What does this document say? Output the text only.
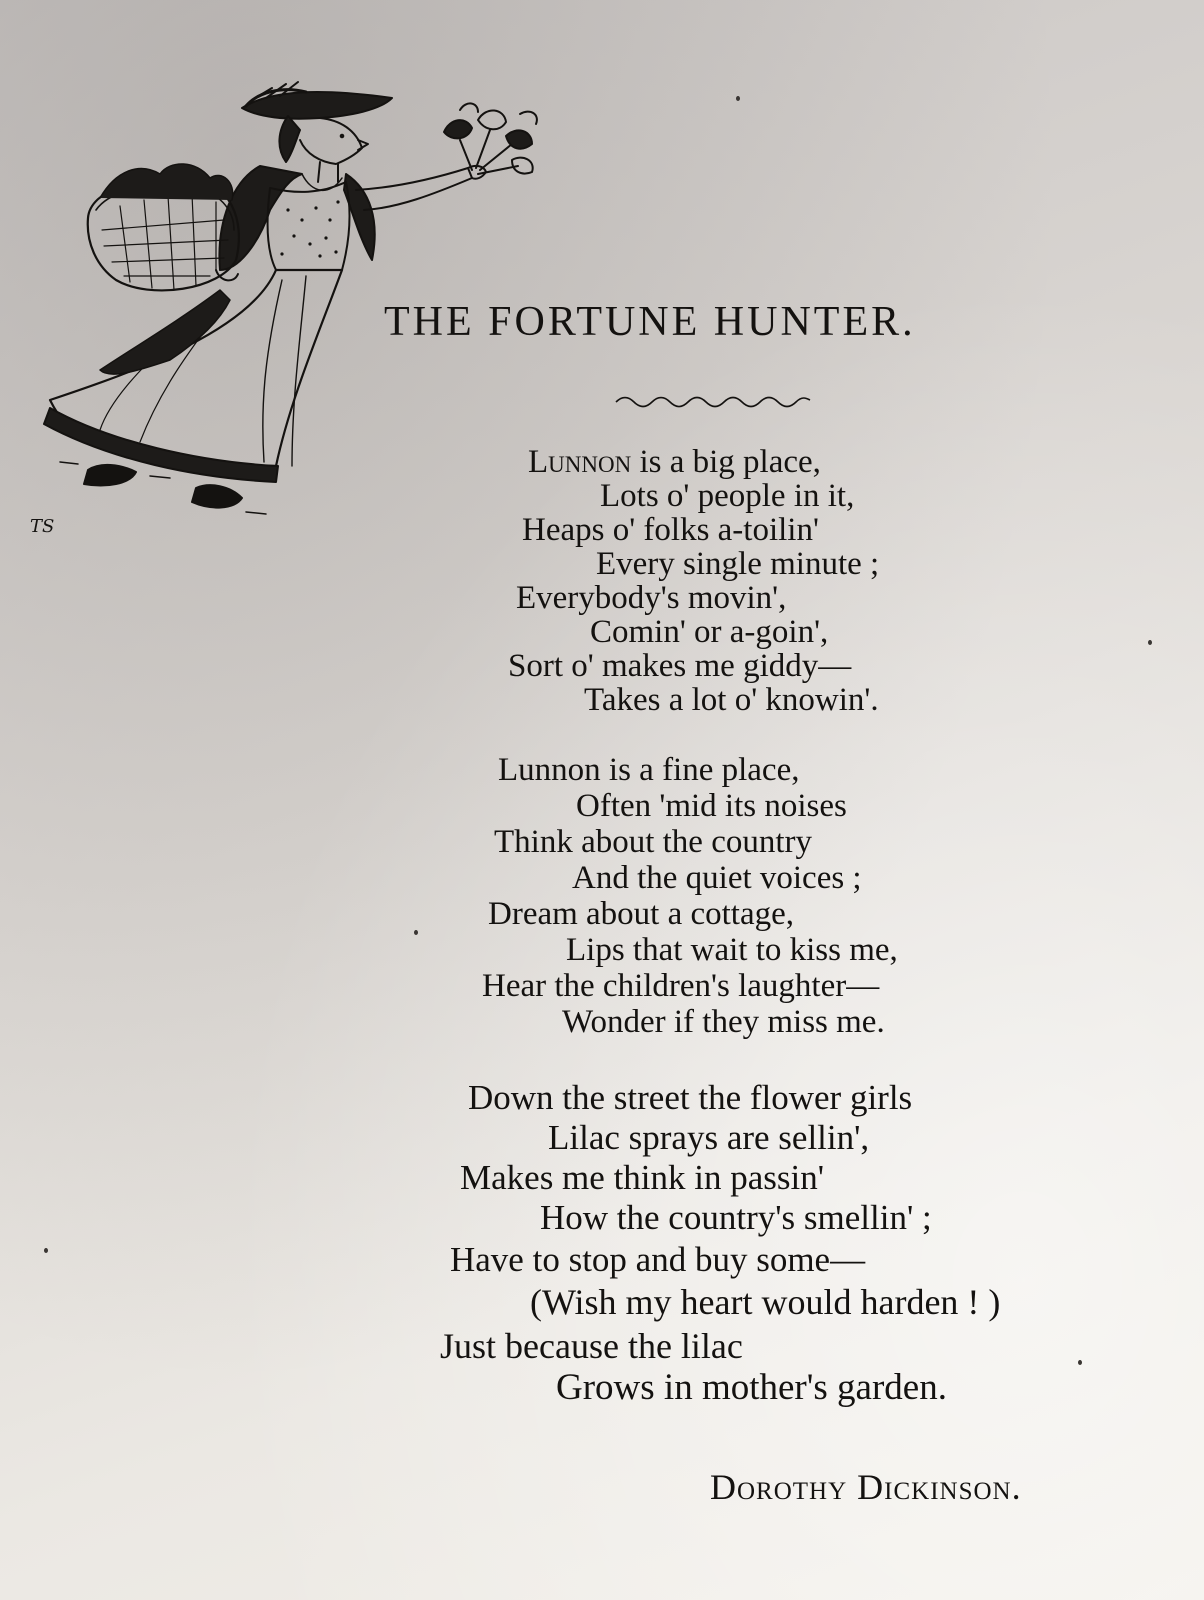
TS
THE FORTUNE HUNTER.

Lunnon is a big place,

Lots o' people in it,

Heaps o' folks a-toilin'

Every single minute ;

Everybody's movin',

Comin' or a-goin',

Sort o' makes me giddy—

Takes a lot o' knowin'.

Lunnon is a fine place,

Often 'mid its noises

Think about the country

And the quiet voices ;

Dream about a cottage,

Lips that wait to kiss me,

Hear the children's laughter—

Wonder if they miss me.

Down the street the flower girls

Lilac sprays are sellin',

Makes me think in passin'

How the country's smellin' ;

Have to stop and buy some—

(Wish my heart would harden ! )

Just because the lilac

Grows in mother's garden.

Dorothy Dickinson.
